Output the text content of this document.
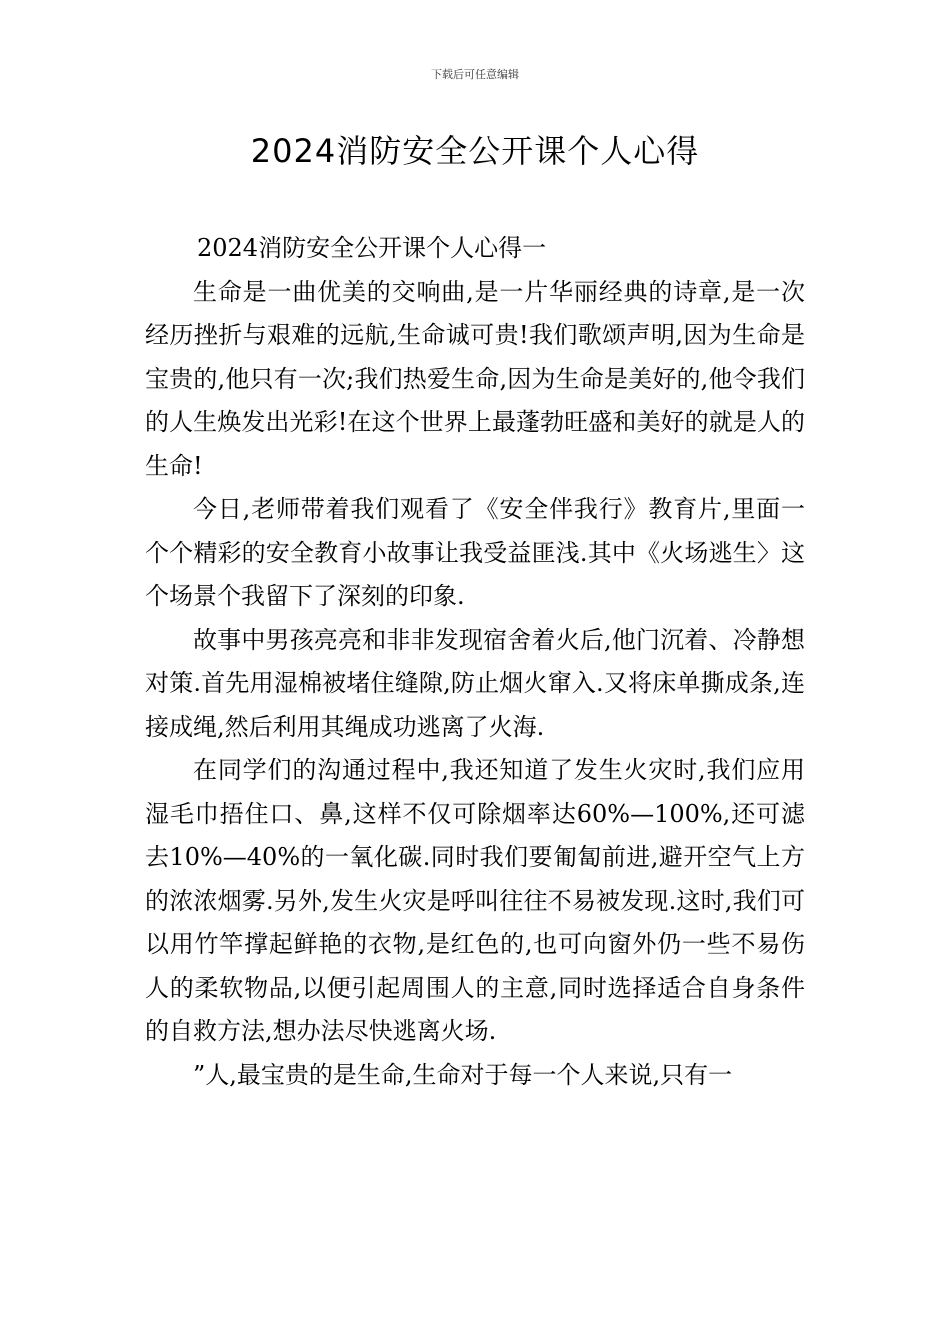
下载后可任意编辑
2024消防安全公开课个人心得

2024消防安全公开课个人心得一

生命是一曲优美的交响曲,是一片华丽经典的诗章,是一次经历挫折与艰难的远航,生命诚可贵!我们歌颂声明,因为生命是宝贵的,他只有一次;我们热爱生命,因为生命是美好的,他令我们的人生焕发出光彩!在这个世界上最蓬勃旺盛和美好的就是人的生命!

今日,老师带着我们观看了《安全伴我行》教育片,里面一个个精彩的安全教育小故事让我受益匪浅.其中《火场逃生〉这个场景个我留下了深刻的印象.

故事中男孩亮亮和非非发现宿舍着火后,他门沉着、冷静想对策.首先用湿棉被堵住缝隙,防止烟火窜入.又将床单撕成条,连接成绳,然后利用其绳成功逃离了火海.

在同学们的沟通过程中,我还知道了发生火灾时,我们应用湿毛巾捂住口、鼻,这样不仅可除烟率达60%—100%,还可滤去10%—40%的一氧化碳.同时我们要匍匐前进,避开空气上方的浓浓烟雾.另外,发生火灾是呼叫往往不易被发现.这时,我们可以用竹竿撑起鲜艳的衣物,是红色的,也可向窗外仍一些不易伤人的柔软物品,以便引起周围人的主意,同时选择适合自身条件的自救方法,想办法尽快逃离火场.

”人,最宝贵的是生命,生命对于每一个人来说,只有一
